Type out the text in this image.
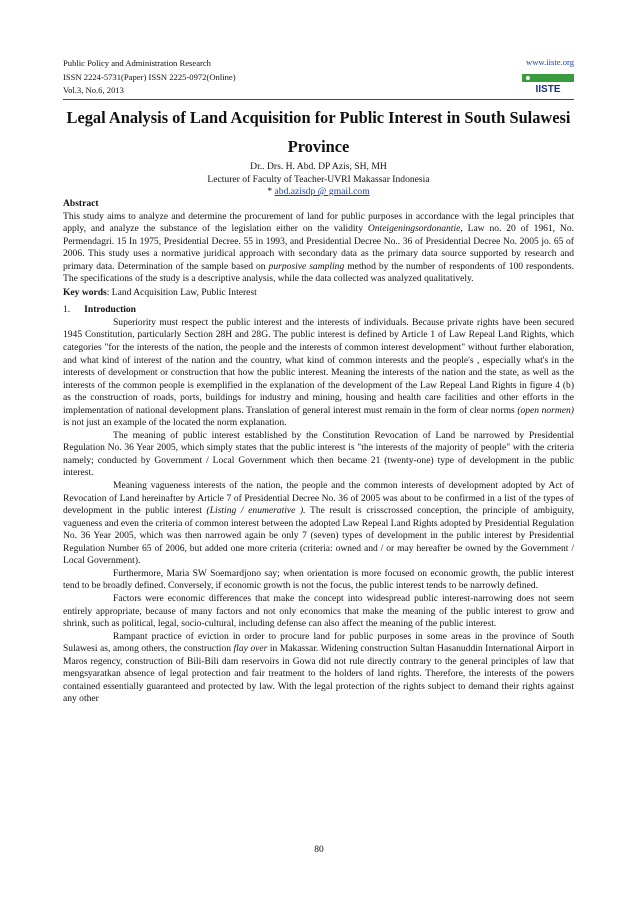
Public Policy and Administration Research
ISSN 2224-5731(Paper) ISSN 2225-0972(Online)
Vol.3, No.6, 2013
www.iiste.org
IISTE
Legal Analysis of Land Acquisition for Public Interest in South Sulawesi Province
Dr.. Drs. H. Abd. DP Azis, SH, MH
Lecturer of Faculty of Teacher-UVRI Makassar Indonesia
* abd.azisdp @ gmail.com

Abstract

This study aims to analyze and determine the procurement of land for public purposes in accordance with the legal principles that apply, and analyze the substance of the legislation either on the validity Onteigeningsordonantie, Law no. 20 of 1961, No. Permendagri. 15 In 1975, Presidential Decree. 55 in 1993, and Presidential Decree No.. 36 of Presidential Decree No. 2005 jo. 65 of 2006. This study uses a normative juridical approach with secondary data as the primary data source supported by research and primary data. Determination of the sample based on purposive sampling method by the number of respondents of 100 respondents. The specifications of the study is a descriptive analysis, while the data collected was analyzed qualitatively.

Key words: Land Acquisition Law, Public Interest

1. Introduction

Superiority must respect the public interest and the interests of individuals. Because private rights have been secured 1945 Constitution, particularly Section 28H and 28G. The public interest is defined by Article 1 of Law Repeal Land Rights, which categories "for the interests of the nation, the people and the interests of common interest development" without further elaboration, and what kind of interest of the nation and the country, what kind of common interests and the people's , especially what's in the interests of development or construction that how the public interest. Meaning the interests of the nation and the state, as well as the interests of the common people is exemplified in the explanation of the development of the Law Repeal Land Rights in figure 4 (b) as the construction of roads, ports, buildings for industry and mining, housing and health care facilities and other efforts in the implementation of national development plans. Translation of general interest must remain in the form of clear norms (open normen) is not just an example of the located the norm explanation.

The meaning of public interest established by the Constitution Revocation of Land be narrowed by Presidential Regulation No. 36 Year 2005, which simply states that the public interest is "the interests of the majority of people" with the criteria namely; conducted by Government / Local Government which then became 21 (twenty-one) type of development in the public interest.

Meaning vagueness interests of the nation, the people and the common interests of development adopted by Act of Revocation of Land hereinafter by Article 7 of Presidential Decree No. 36 of 2005 was about to be confirmed in a list of the types of development in the public interest (Listing / enumerative ). The result is crisscrossed conception, the principle of ambiguity, vagueness and even the criteria of common interest between the adopted Law Repeal Land Rights adopted by Presidential Regulation No. 36 Year 2005, which was then narrowed again be only 7 (seven) types of development in the public interest by Presidential Regulation Number 65 of 2006, but added one more criteria (criteria: owned and / or may hereafter be owned by the Government / Local Government).

Furthermore, Maria SW Soemardjono say; when orientation is more focused on economic growth, the public interest tend to be broadly defined. Conversely, if economic growth is not the focus, the public interest tends to be narrowly defined.

Factors were economic differences that make the concept into widespread public interest-narrowing does not seem entirely appropriate, because of many factors and not only economics that make the meaning of the public interest to grow and shrink, such as political, legal, socio-cultural, including defense can also affect the meaning of the public interest.

Rampant practice of eviction in order to procure land for public purposes in some areas in the province of South Sulawesi as, among others, the construction flay over in Makassar. Widening construction Sultan Hasanuddin International Airport in Maros regency, construction of Bili-Bili dam reservoirs in Gowa did not rule directly contrary to the general principles of law that mengsyaratkan absence of legal protection and fair treatment to the holders of land rights. Therefore, the interests of the powers contained essentially guaranteed and protected by law. With the legal protection of the rights subject to demand their rights against any other

80
